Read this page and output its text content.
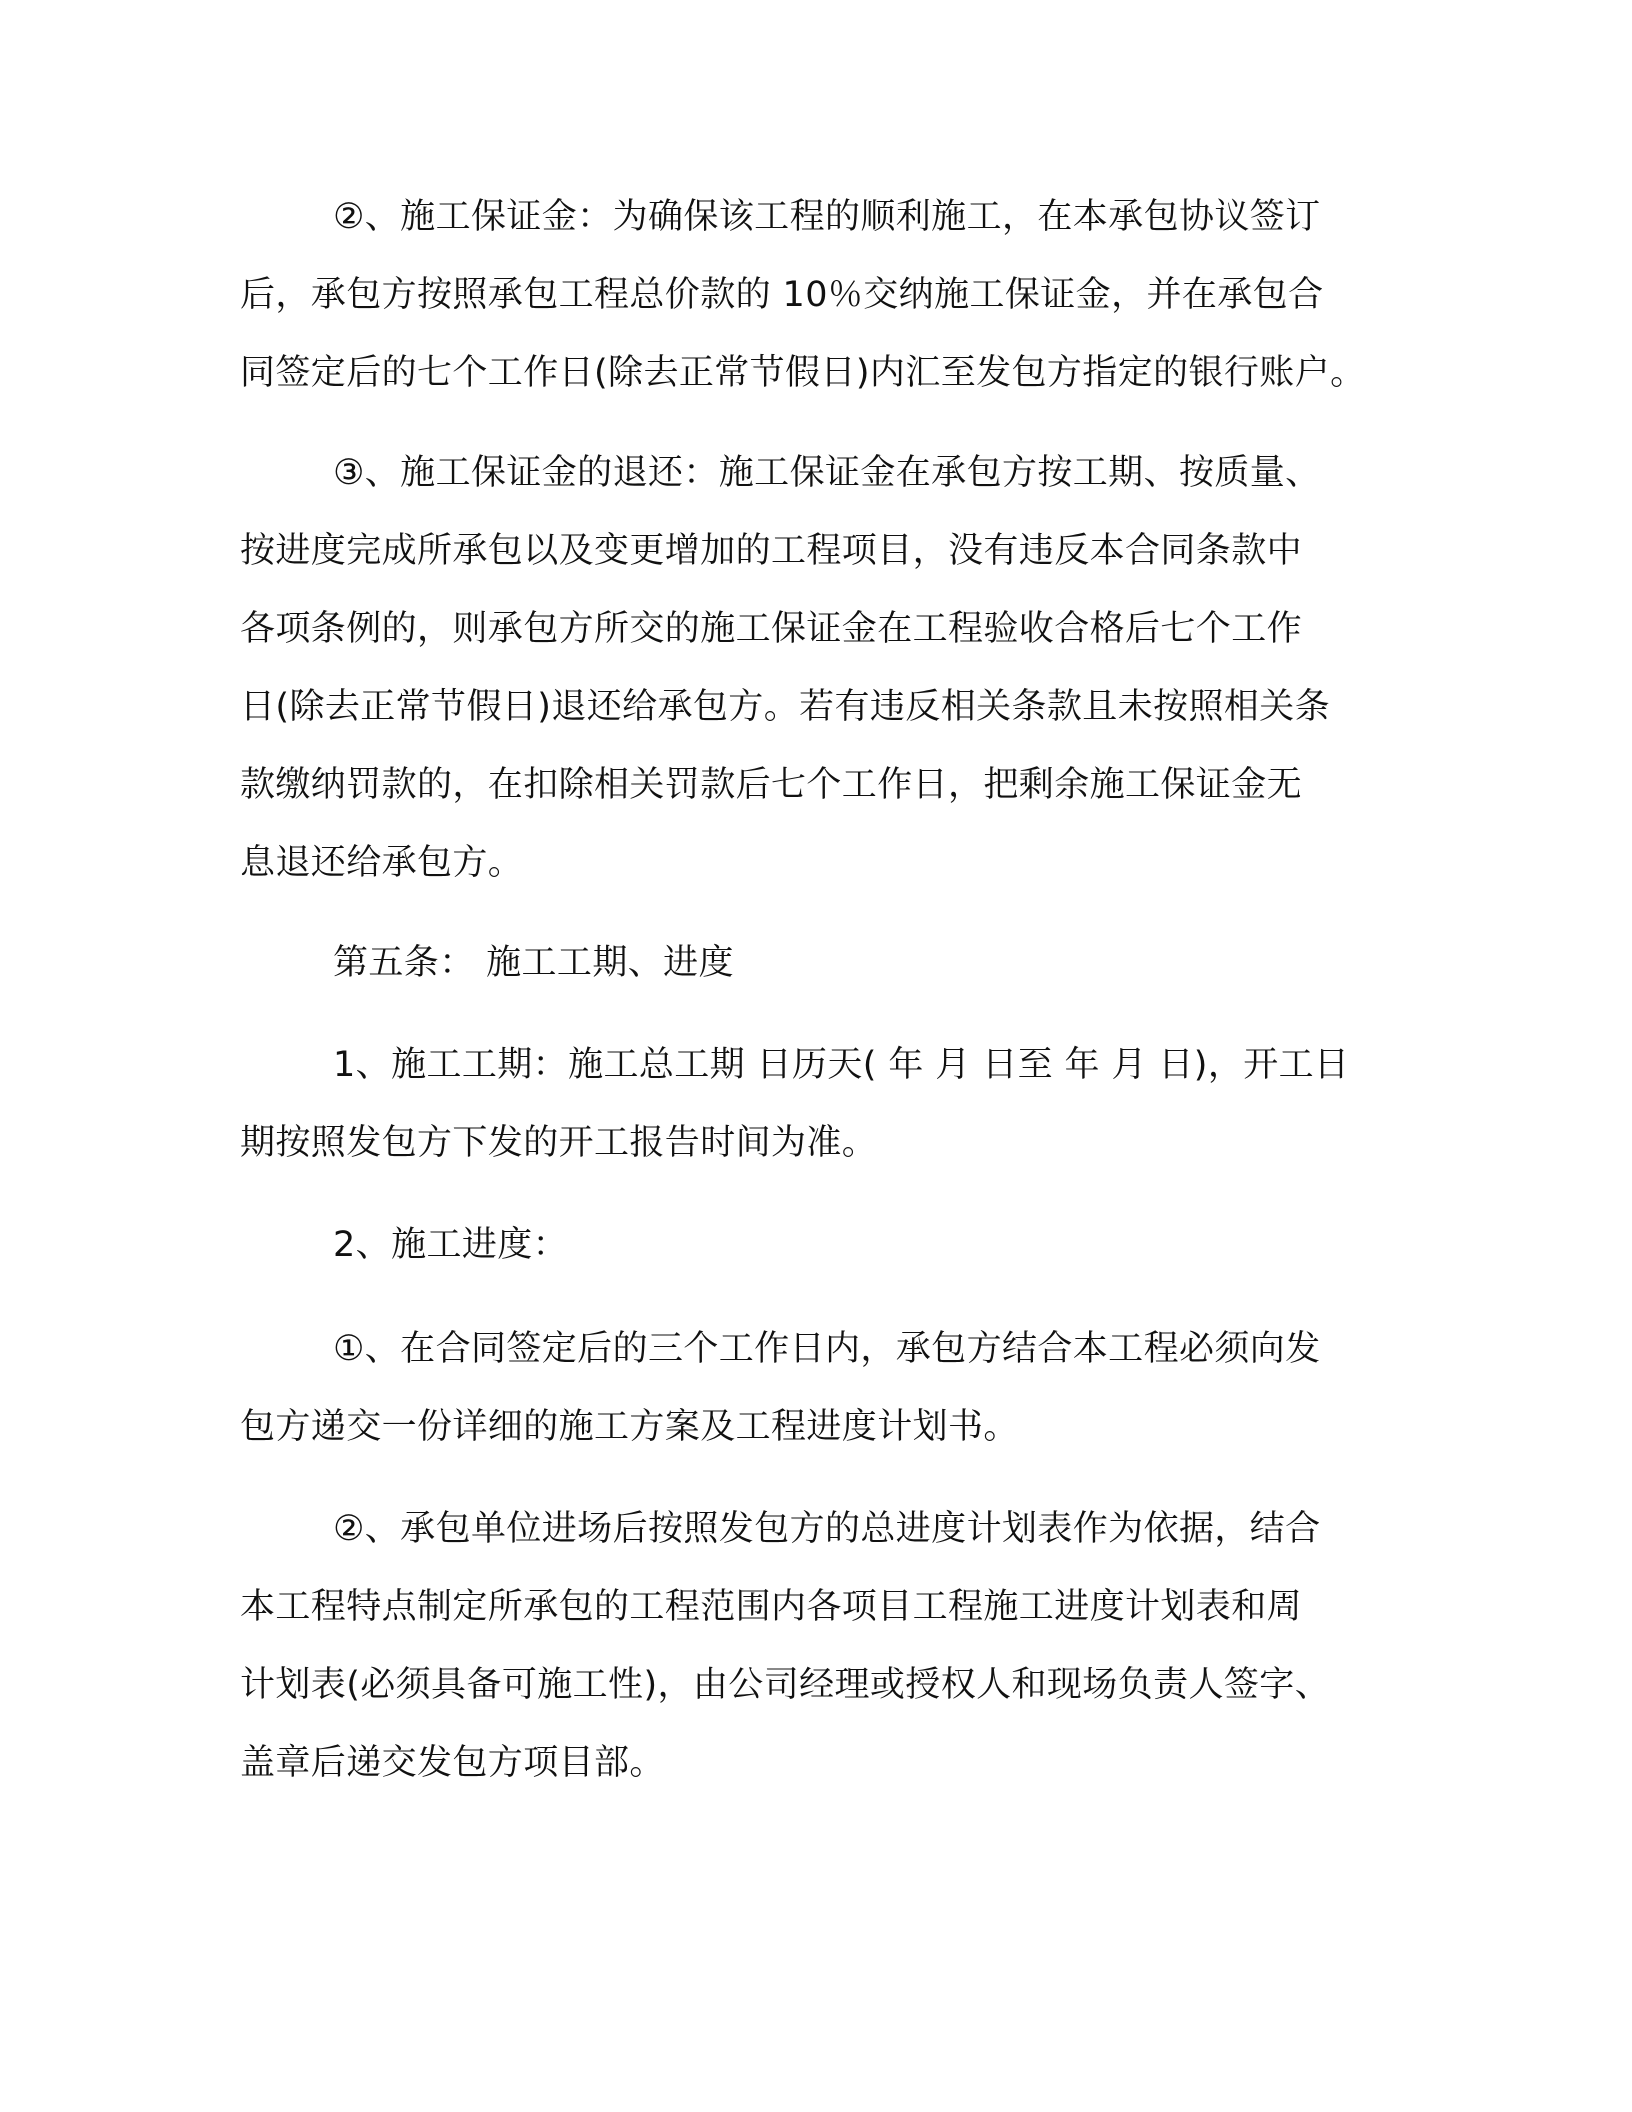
②、施工保证金：为确保该工程的顺利施工，在本承包协议签订
后，承包方按照承包工程总价款的 10％交纳施工保证金，并在承包合
同签定后的七个工作日(除去正常节假日)内汇至发包方指定的银行账户。
③、施工保证金的退还：施工保证金在承包方按工期、按质量、
按进度完成所承包以及变更增加的工程项目，没有违反本合同条款中
各项条例的，则承包方所交的施工保证金在工程验收合格后七个工作
日(除去正常节假日)退还给承包方。若有违反相关条款且未按照相关条
款缴纳罚款的，在扣除相关罚款后七个工作日，把剩余施工保证金无
息退还给承包方。
第五条： 施工工期、进度
1、施工工期：施工总工期 日历天( 年 月 日至 年 月 日)，开工日
期按照发包方下发的开工报告时间为准。
2、施工进度：
①、在合同签定后的三个工作日内，承包方结合本工程必须向发
包方递交一份详细的施工方案及工程进度计划书。
②、承包单位进场后按照发包方的总进度计划表作为依据，结合
本工程特点制定所承包的工程范围内各项目工程施工进度计划表和周
计划表(必须具备可施工性)，由公司经理或授权人和现场负责人签字、
盖章后递交发包方项目部。
